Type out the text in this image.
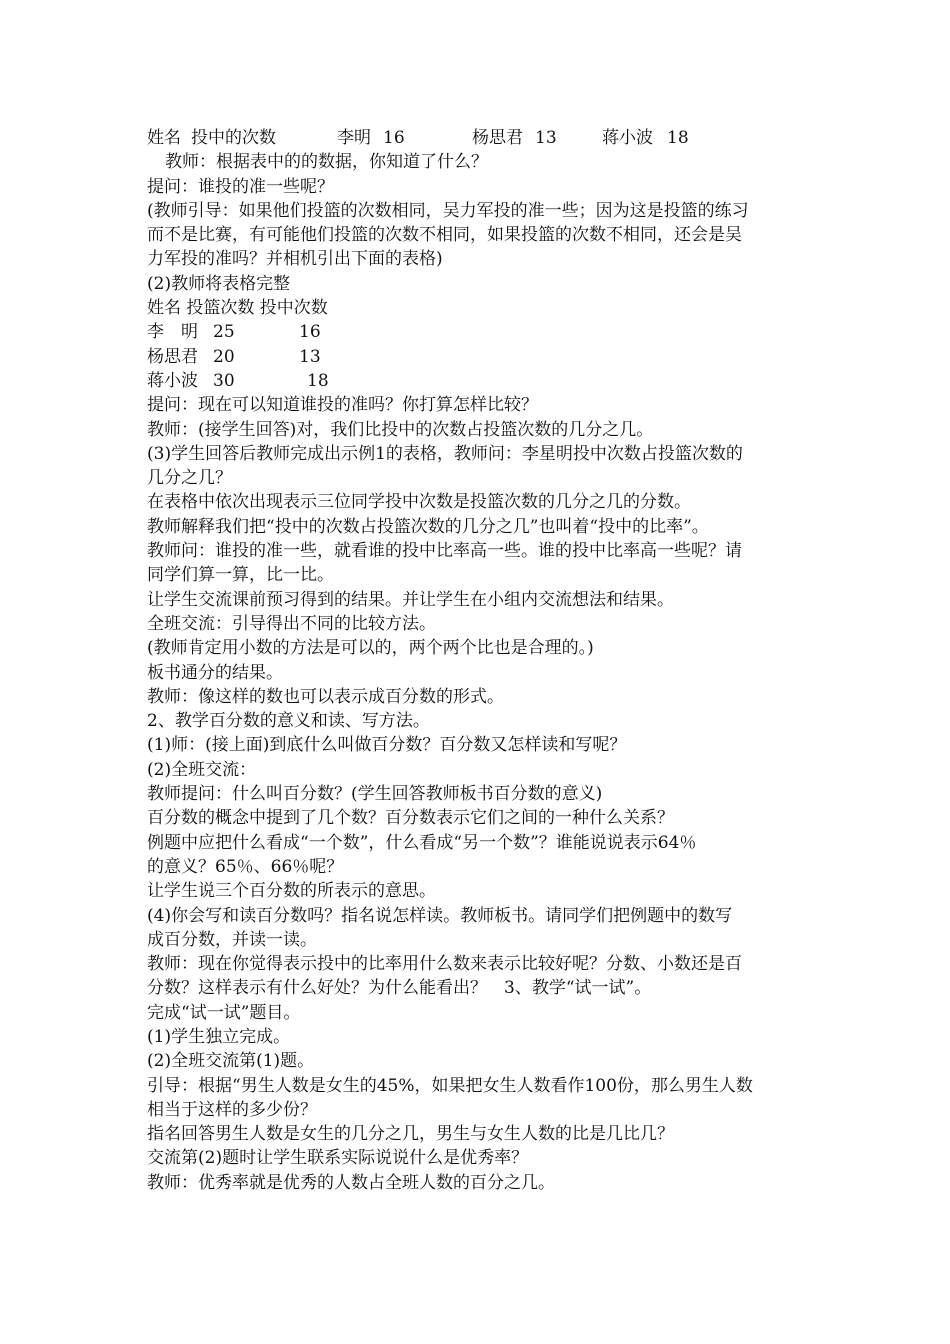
姓名 投中的次数	李明 16	杨思君 13	蒋小波 18
教师：根据表中的的数据，你知道了什么？
提问：谁投的准一些呢？
(教师引导：如果他们投篮的次数相同，吴力军投的准一些；因为这是投篮的练习
而不是比赛，有可能他们投篮的次数不相同，如果投篮的次数不相同，还会是吴
力军投的准吗？并相机引出下面的表格)
(2)教师将表格完整
姓名 投篮次数 投中次数
李　明 25	16
杨思君 20	13
蒋小波 30	18
提问：现在可以知道谁投的准吗？你打算怎样比较？
教师：(接学生回答)对，我们比投中的次数占投篮次数的几分之几。
(3)学生回答后教师完成出示例1的表格，教师问：李星明投中次数占投篮次数的
几分之几？
在表格中依次出现表示三位同学投中次数是投篮次数的几分之几的分数。
教师解释我们把“投中的次数占投篮次数的几分之几”也叫着“投中的比率”。
教师问：谁投的准一些，就看谁的投中比率高一些。谁的投中比率高一些呢？请
同学们算一算，比一比。
让学生交流课前预习得到的结果。并让学生在小组内交流想法和结果。
全班交流：引导得出不同的比较方法。
(教师肯定用小数的方法是可以的，两个两个比也是合理的。)
板书通分的结果。
教师：像这样的数也可以表示成百分数的形式。
2、教学百分数的意义和读、写方法。
(1)师：(接上面)到底什么叫做百分数？百分数又怎样读和写呢？
(2)全班交流：
教师提问：什么叫百分数？(学生回答教师板书百分数的意义)
百分数的概念中提到了几个数？百分数表示它们之间的一种什么关系？
例题中应把什么看成“一个数”，什么看成“另一个数”？谁能说说表示64％
的意义？65％、66％呢？
让学生说三个百分数的所表示的意思。
(4)你会写和读百分数吗？指名说怎样读。教师板书。请同学们把例题中的数写
成百分数，并读一读。
教师：现在你觉得表示投中的比率用什么数来表示比较好呢？分数、小数还是百
分数？这样表示有什么好处？为什么能看出？　3、教学“试一试”。
完成“试一试”题目。
(1)学生独立完成。
(2)全班交流第(1)题。
引导：根据“男生人数是女生的45%，如果把女生人数看作100份，那么男生人数
相当于这样的多少份？
指名回答男生人数是女生的几分之几，男生与女生人数的比是几比几？
交流第(2)题时让学生联系实际说说什么是优秀率？
教师：优秀率就是优秀的人数占全班人数的百分之几。
